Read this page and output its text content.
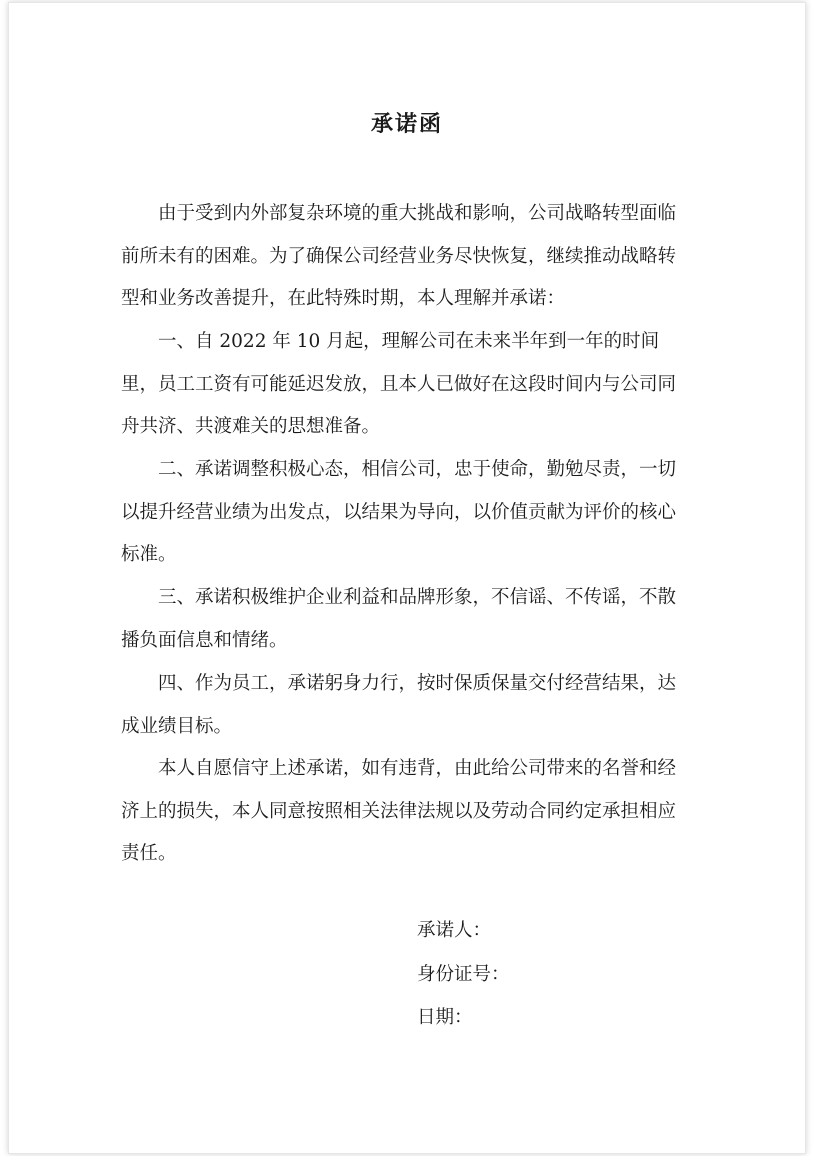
承诺函

由于受到内外部复杂环境的重大挑战和影响，公司战略转型面临前所未有的困难。为了确保公司经营业务尽快恢复，继续推动战略转型和业务改善提升，在此特殊时期，本人理解并承诺：

一、自 2022 年 10 月起，理解公司在未来半年到一年的时间里，员工工资有可能延迟发放，且本人已做好在这段时间内与公司同舟共济、共渡难关的思想准备。

二、承诺调整积极心态，相信公司，忠于使命，勤勉尽责，一切以提升经营业绩为出发点，以结果为导向，以价值贡献为评价的核心标准。

三、承诺积极维护企业利益和品牌形象，不信谣、不传谣，不散播负面信息和情绪。

四、作为员工，承诺躬身力行，按时保质保量交付经营结果，达成业绩目标。

本人自愿信守上述承诺，如有违背，由此给公司带来的名誉和经济上的损失，本人同意按照相关法律法规以及劳动合同约定承担相应责任。

承诺人：
身份证号：
日期：
